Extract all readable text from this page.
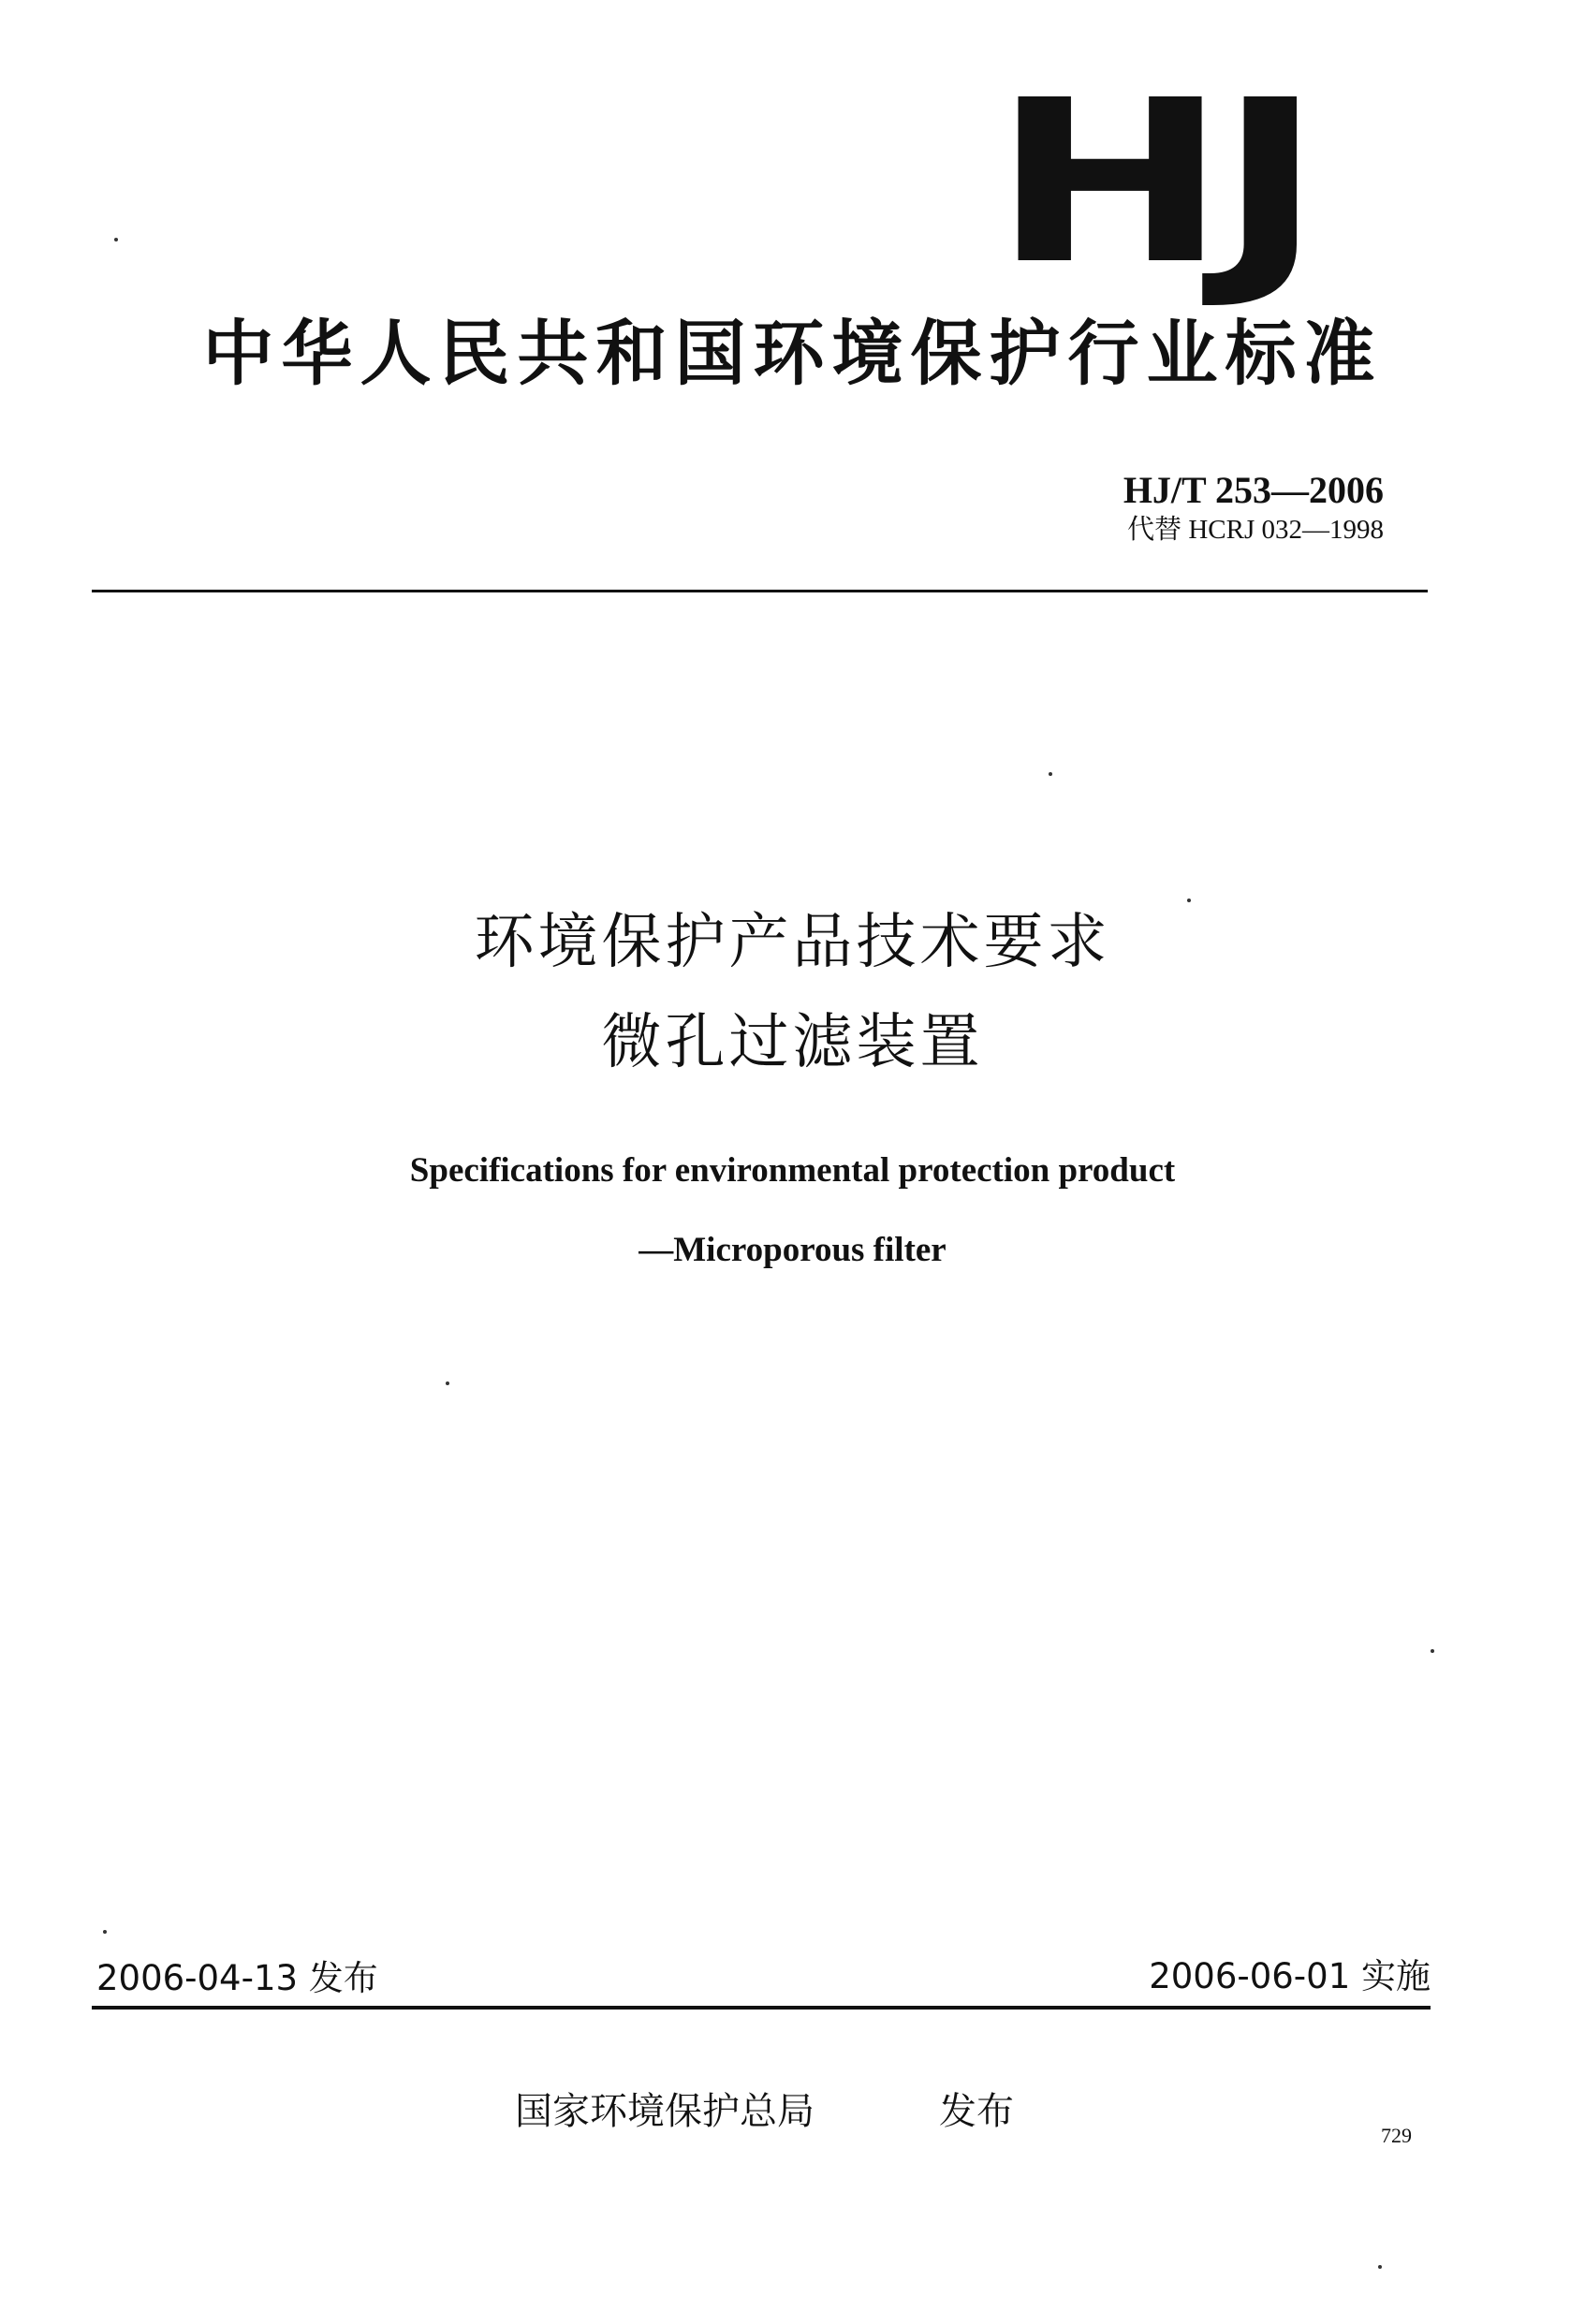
HJ
中华人民共和国环境保护行业标准
HJ/T 253—2006
代替 HCRJ 032—1998
环境保护产品技术要求
微孔过滤装置
Specifications for environmental protection product
—Microporous filter
2006-04-13 发布	2006-06-01 实施
国家环境保护总局	发布
729
